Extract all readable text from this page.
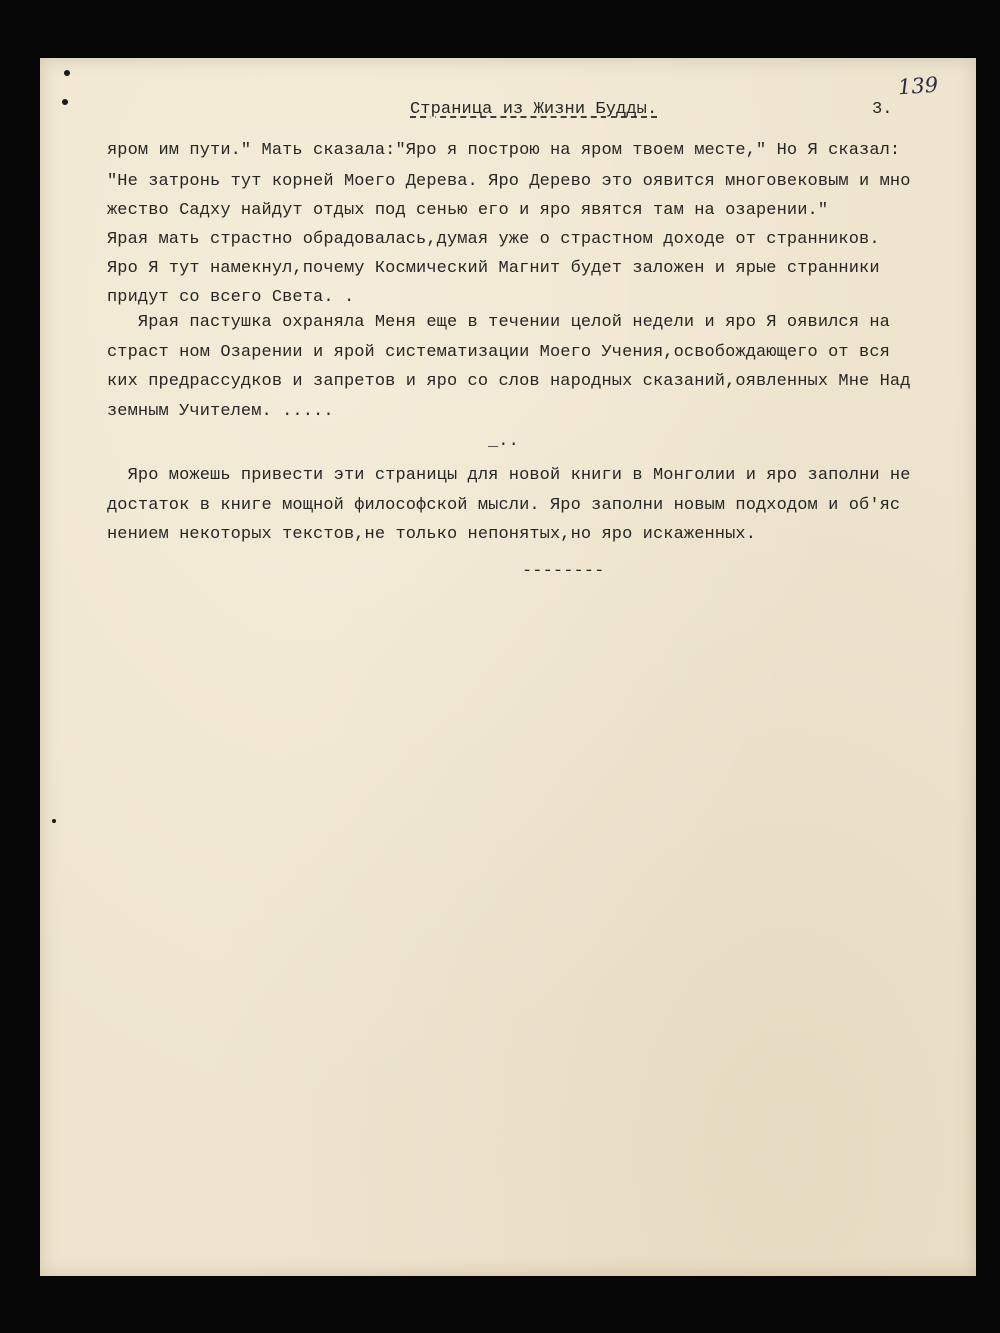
139
Страница из Жизни Будды.	3.
яром им пути." Мать сказала:"Яро я построю на яром твоем месте," Но Я сказал:
"Не затронь тут корней Моего Дерева. Яро Дерево это оявится многовековым и мно
жество Садху найдут отдых под сенью его и яро явятся там на озарении."
Ярая мать страстно обрадовалась,думая уже о страстном доходе от странников.
Яро Я тут намекнул,почему Космический Магнит будет заложен и ярые странники
придут со всего Света. .
Ярая пастушка охраняла Меня еще в течении целой недели и яро Я оявился на
страст ном Озарении и ярой систематизации Моего Учения,освобождающего от вся
ких предрассудков и запретов и яро со слов народных сказаний,оявленных Мне Над
земным Учителем. .....
_..
Яро можешь привести эти страницы для новой книги в Монголии и яро заполни не
достаток в книге мощной философской мысли. Яро заполни новым подходом и об'яс
нением некоторых текстов,не только непонятых,но яро искаженных.
--------
